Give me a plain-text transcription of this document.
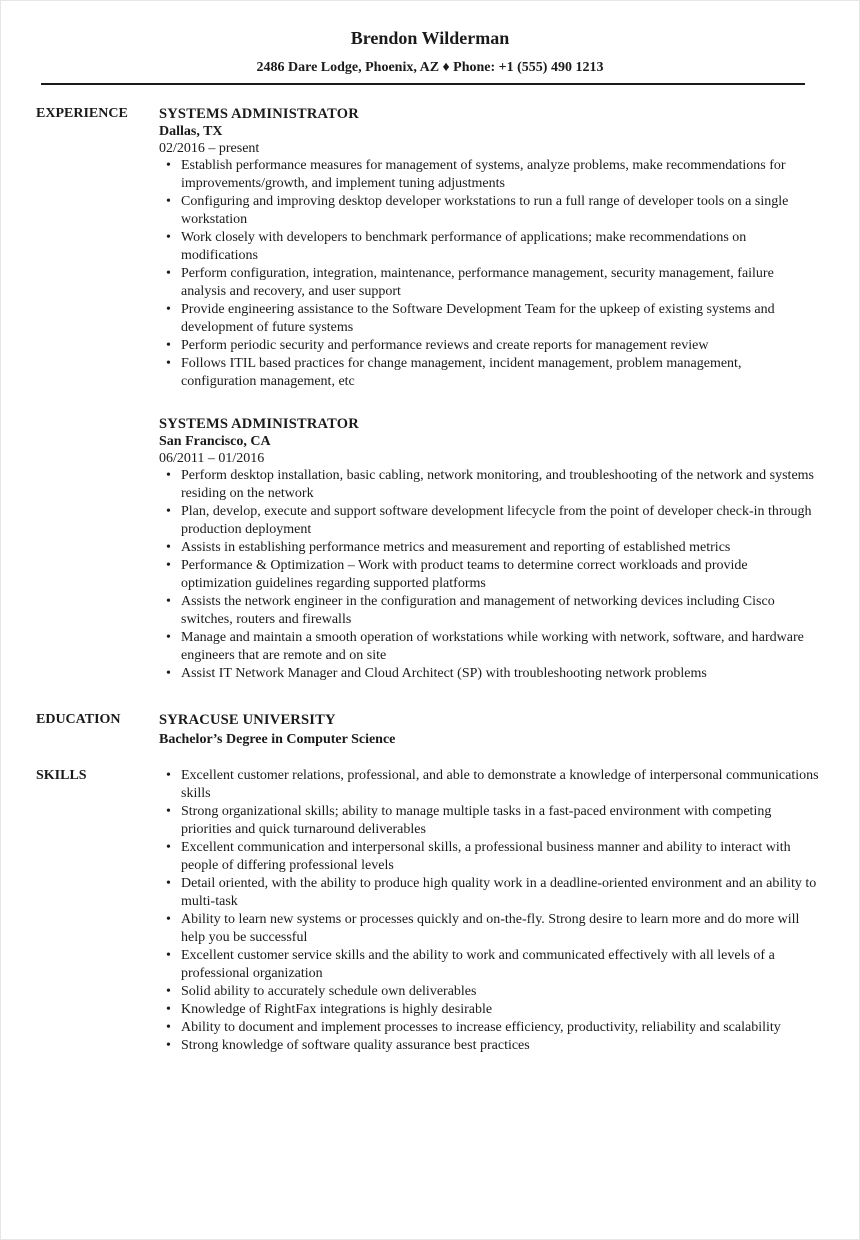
Brendon Wilderman
2486 Dare Lodge, Phoenix, AZ ♦ Phone: +1 (555) 490 1213
EXPERIENCE	SYSTEMS ADMINISTRATOR
Dallas, TX
02/2016 – present
• Establish performance measures for management of systems, analyze problems, make recommendations for improvements/growth, and implement tuning adjustments
• Configuring and improving desktop developer workstations to run a full range of developer tools on a single workstation
• Work closely with developers to benchmark performance of applications; make recommendations on modifications
• Perform configuration, integration, maintenance, performance management, security management, failure analysis and recovery, and user support
• Provide engineering assistance to the Software Development Team for the upkeep of existing systems and development of future systems
• Perform periodic security and performance reviews and create reports for management review
• Follows ITIL based practices for change management, incident management, problem management, configuration management, etc
SYSTEMS ADMINISTRATOR
San Francisco, CA
06/2011 – 01/2016
• Perform desktop installation, basic cabling, network monitoring, and troubleshooting of the network and systems residing on the network
• Plan, develop, execute and support software development lifecycle from the point of developer check-in through production deployment
• Assists in establishing performance metrics and measurement and reporting of established metrics
• Performance & Optimization – Work with product teams to determine correct workloads and provide optimization guidelines regarding supported platforms
• Assists the network engineer in the configuration and management of networking devices including Cisco switches, routers and firewalls
• Manage and maintain a smooth operation of workstations while working with network, software, and hardware engineers that are remote and on site
• Assist IT Network Manager and Cloud Architect (SP) with troubleshooting network problems
EDUCATION	SYRACUSE UNIVERSITY
Bachelor’s Degree in Computer Science
SKILLS
•	Excellent customer relations, professional, and able to demonstrate a knowledge of interpersonal communications skills
• Strong organizational skills; ability to manage multiple tasks in a fast-paced environment with competing priorities and quick turnaround deliverables
• Excellent communication and interpersonal skills, a professional business manner and ability to interact with people of differing professional levels
• Detail oriented, with the ability to produce high quality work in a deadline-oriented environment and an ability to multi-task
• Ability to learn new systems or processes quickly and on-the-fly. Strong desire to learn more and do more will help you be successful
• Excellent customer service skills and the ability to work and communicated effectively with all levels of a professional organization
• Solid ability to accurately schedule own deliverables
• Knowledge of RightFax integrations is highly desirable
• Ability to document and implement processes to increase efficiency, productivity, reliability and scalability
• Strong knowledge of software quality assurance best practices
